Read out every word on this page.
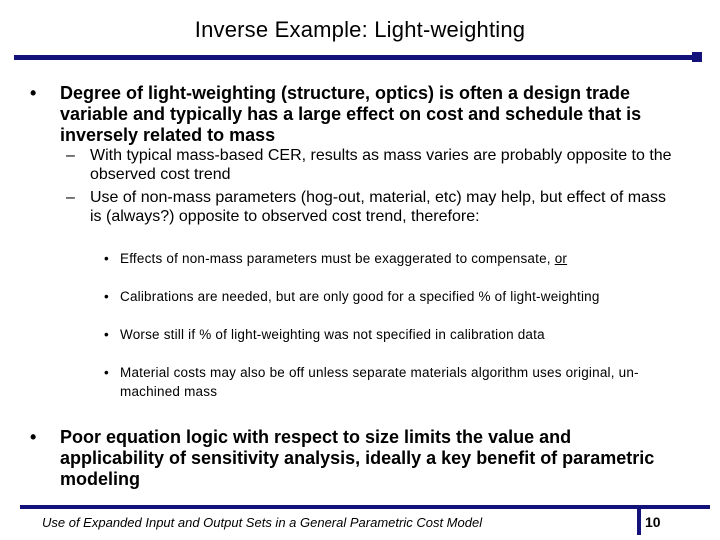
Inverse Example: Light-weighting
• Degree of light-weighting (structure, optics) is often a design trade variable and typically has a large effect on cost and schedule that is inversely related to mass
– With typical mass-based CER, results as mass varies are probably opposite to the observed cost trend
– Use of non-mass parameters (hog-out, material, etc) may help, but effect of mass is (always?) opposite to observed cost trend, therefore:
• Effects of non-mass parameters must be exaggerated to compensate, or
• Calibrations are needed, but are only good for a specified % of light-weighting
• Worse still if % of light-weighting was not specified in calibration data
• Material costs may also be off unless separate materials algorithm uses original, un-machined mass
• Poor equation logic with respect to size limits the value and applicability of sensitivity analysis, ideally a key benefit of parametric modeling
Use of Expanded Input and Output Sets in a General Parametric Cost Model	10
